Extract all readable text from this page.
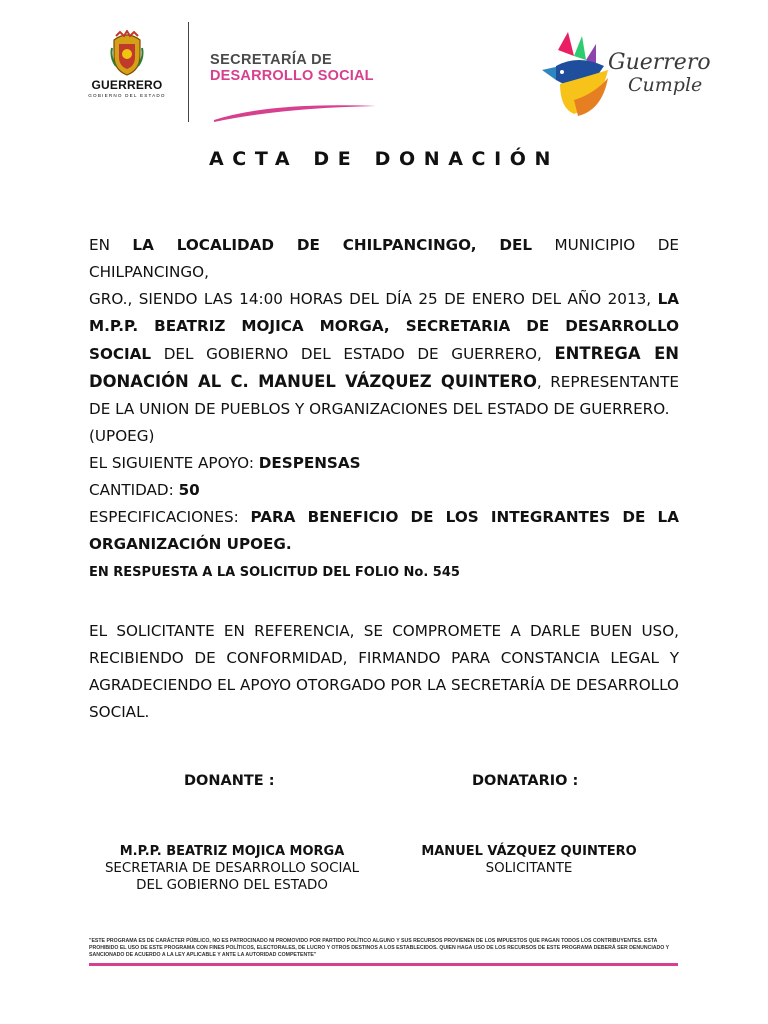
GUERRERO
GOBIERNO DEL ESTADO
SECRETARÍA DE
DESARROLLO SOCIAL
Guerrero
Cumple
ACTA DE DONACIÓN
EN LA LOCALIDAD DE CHILPANCINGO, DEL MUNICIPIO DE CHILPANCINGO,
GRO., SIENDO LAS 14:00 HORAS DEL DÍA 25 DE ENERO DEL AÑO 2013, LA
M.P.P. BEATRIZ MOJICA MORGA, SECRETARIA DE DESARROLLO
SOCIAL DEL GOBIERNO DEL ESTADO DE GUERRERO, ENTREGA EN
DONACIÓN AL C. MANUEL VÁZQUEZ QUINTERO, REPRESENTANTE
DE LA UNION DE PUEBLOS Y ORGANIZACIONES DEL ESTADO DE GUERRERO.
(UPOEG)
EL SIGUIENTE APOYO: DESPENSAS
CANTIDAD: 50
ESPECIFICACIONES: PARA BENEFICIO DE LOS INTEGRANTES DE LA
ORGANIZACIÓN UPOEG.
EN RESPUESTA A LA SOLICITUD DEL FOLIO No. 545
EL SOLICITANTE EN REFERENCIA, SE COMPROMETE A DARLE BUEN USO,
RECIBIENDO DE CONFORMIDAD, FIRMANDO PARA CONSTANCIA LEGAL Y
AGRADECIENDO EL APOYO OTORGADO POR LA SECRETARÍA DE DESARROLLO
SOCIAL.
DONANTE :	DONATARIO :
M.P.P. BEATRIZ MOJICA MORGA
SECRETARIA DE DESARROLLO SOCIAL
DEL GOBIERNO DEL ESTADO
MANUEL VÁZQUEZ QUINTERO
SOLICITANTE
"ESTE PROGRAMA ES DE CARÁCTER PÚBLICO, NO ES PATROCINADO NI PROMOVIDO POR PARTIDO POLÍTICO ALGUNO Y SUS RECURSOS PROVIENEN DE LOS IMPUESTOS QUE PAGAN TODOS LOS CONTRIBUYENTES. ESTA
PROHIBIDO EL USO DE ESTE PROGRAMA CON FINES POLÍTICOS, ELECTORALES, DE LUCRO Y OTROS DESTINOS A LOS ESTABLECIDOS. QUIEN HAGA USO DE LOS RECURSOS DE ESTE PROGRAMA DEBERÁ SER DENUNCIADO Y
SANCIONADO DE ACUERDO A LA LEY APLICABLE Y ANTE LA AUTORIDAD COMPETENTE"
